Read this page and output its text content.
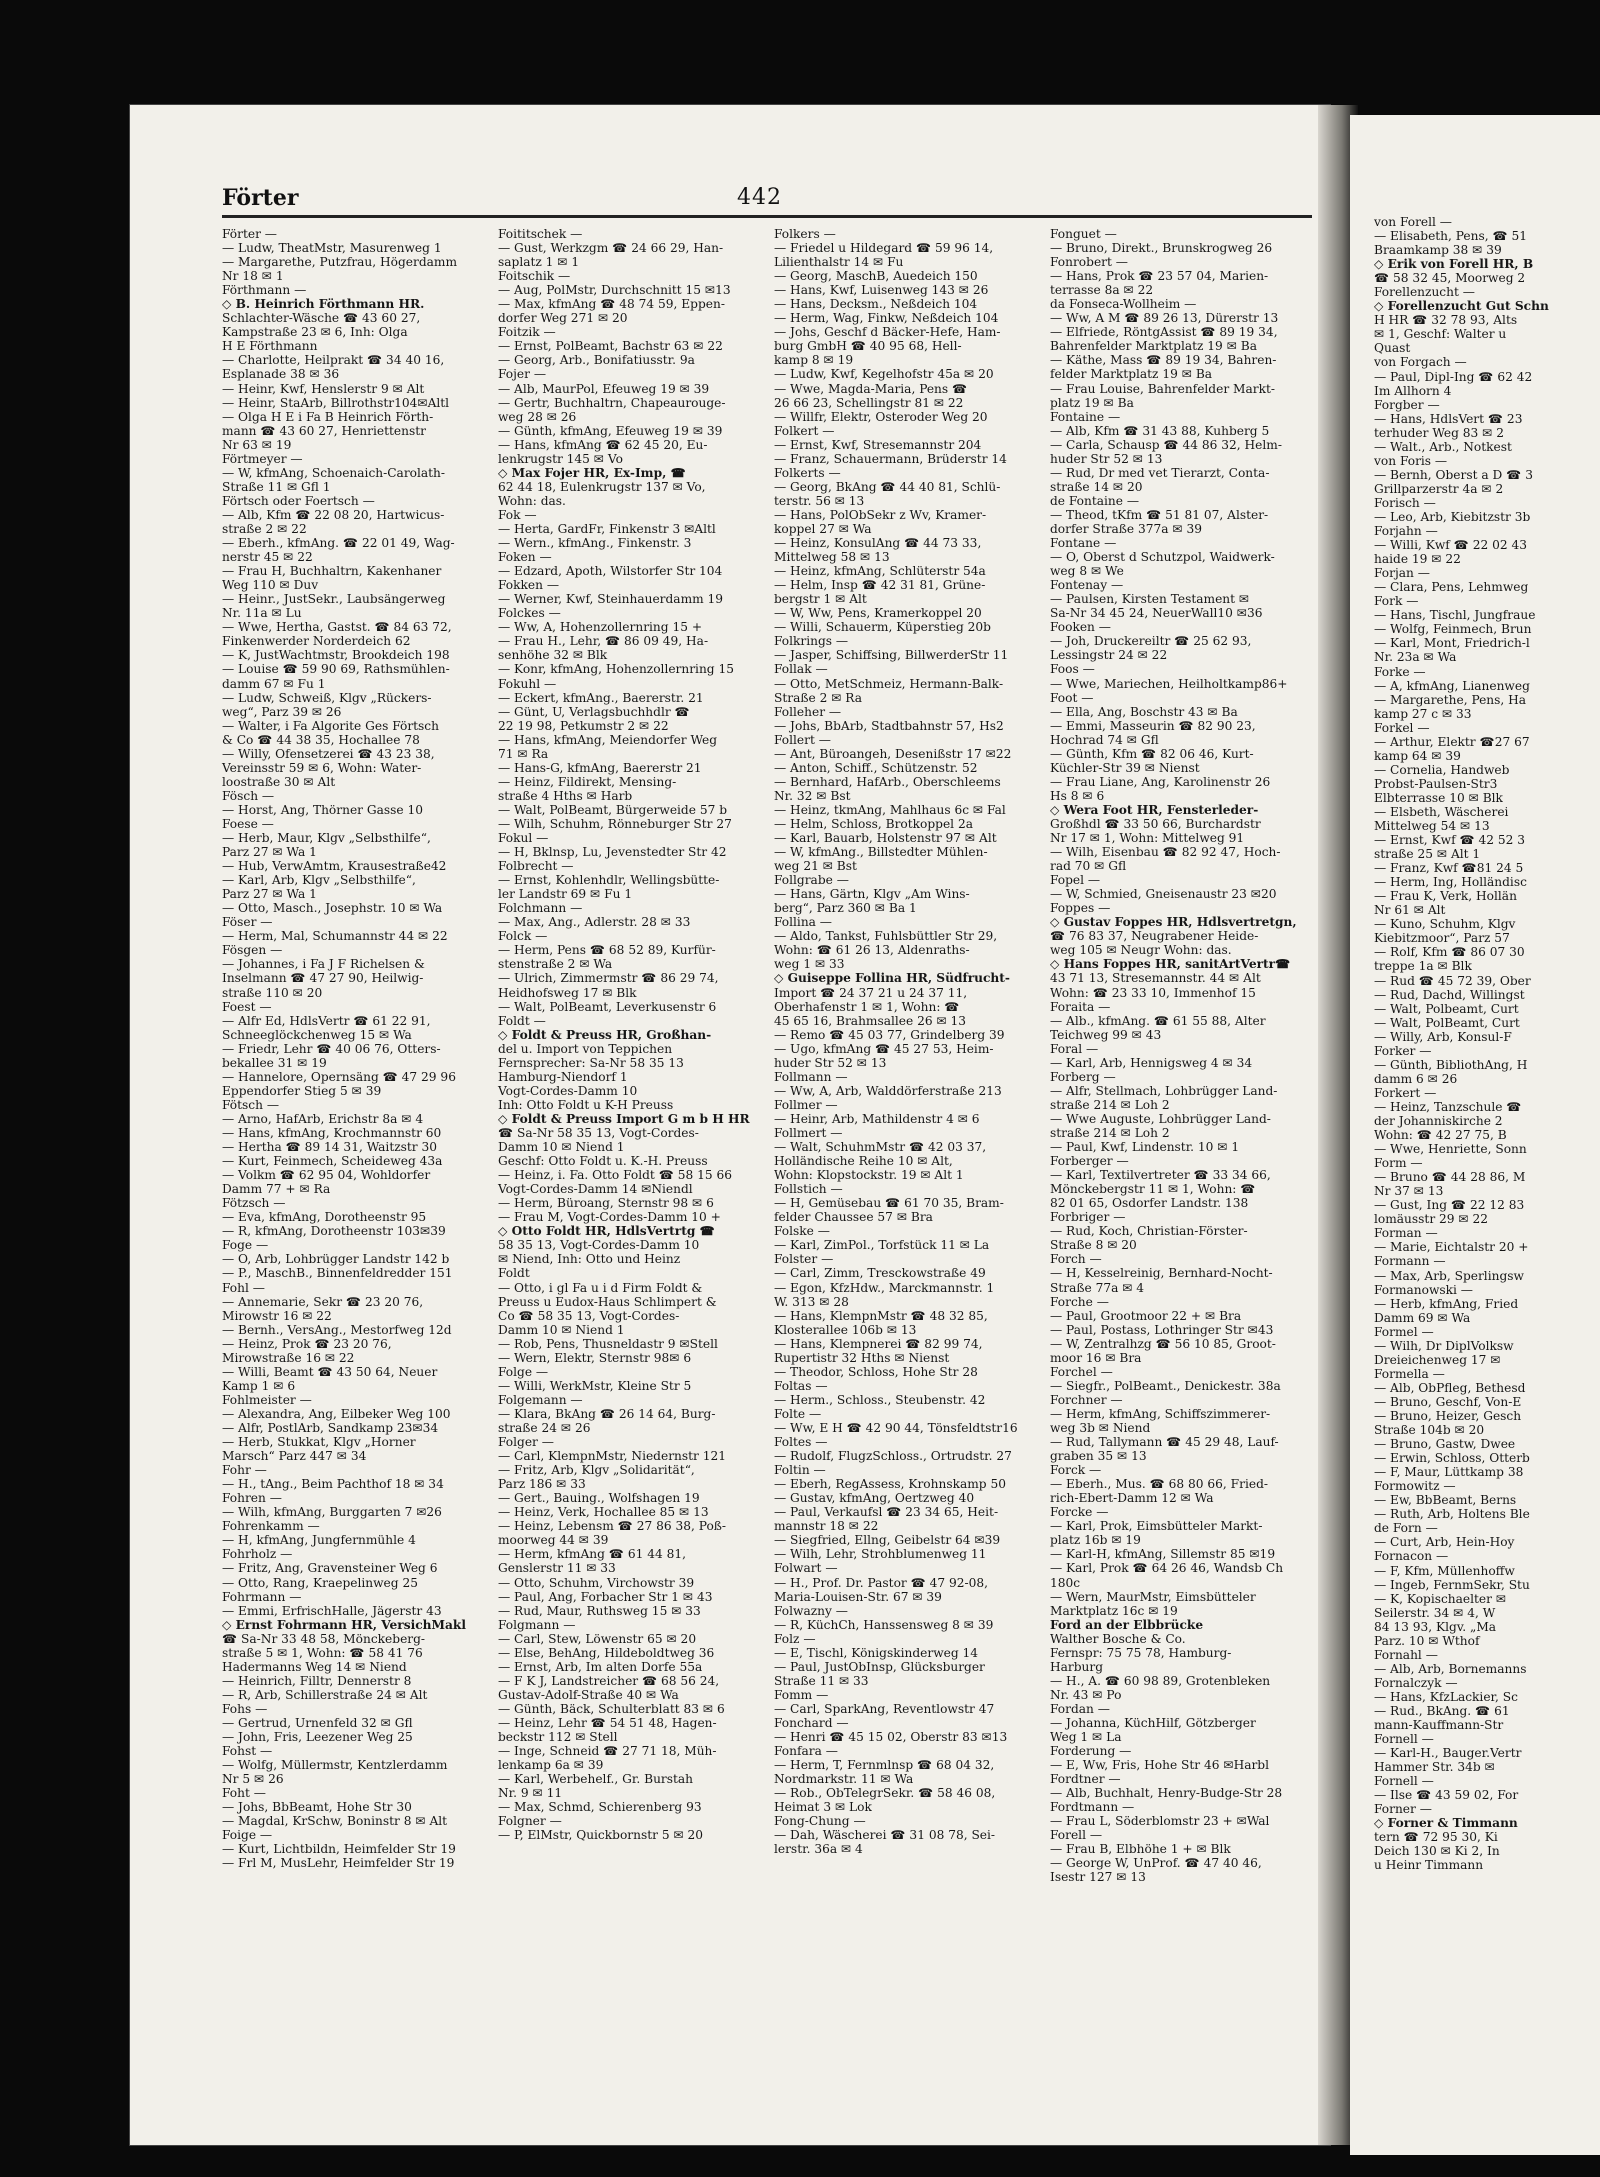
Förter	442
Förter —
— Ludw, TheatMstr, Masurenweg 1
— Margarethe, Putzfrau, Högerdamm
Nr 18 ✉ 1
Förthmann —
◇ B. Heinrich Förthmann HR.
Schlachter-Wäsche ☎ 43 60 27,
Kampstraße 23 ✉ 6, Inh: Olga
H E Förthmann
— Charlotte, Heilprakt ☎ 34 40 16,
Esplanade 38 ✉ 36
— Heinr, Kwf, Henslerstr 9 ✉ Alt
— Heinr, StaArb, Billrothstr104✉Altl
— Olga H E i Fa B Heinrich Förth-
mann ☎ 43 60 27, Henriettenstr
Nr 63 ✉ 19
Förtmeyer —
— W, kfmAng, Schoenaich-Carolath-
Straße 11 ✉ Gfl 1
Förtsch oder Foertsch —
— Alb, Kfm ☎ 22 08 20, Hartwicus-
straße 2 ✉ 22
— Eberh., kfmAng. ☎ 22 01 49, Wag-
nerstr 45 ✉ 22
— Frau H, Buchhaltrn, Kakenhaner
Weg 110 ✉ Duv
— Heinr., JustSekr., Laubsängerweg
Nr. 11a ✉ Lu
— Wwe, Hertha, Gastst. ☎ 84 63 72,
Finkenwerder Norderdeich 62
— K, JustWachtmstr, Brookdeich 198
— Louise ☎ 59 90 69, Rathsmühlen-
damm 67 ✉ Fu 1
— Ludw, Schweiß, Klgv „Rückers-
weg“, Parz 39 ✉ 26
— Walter, i Fa Algorite Ges Förtsch
& Co ☎ 44 38 35, Hochallee 78
— Willy, Ofensetzerei ☎ 43 23 38,
Vereinsstr 59 ✉ 6, Wohn: Water-
loostraße 30 ✉ Alt
Fösch —
— Horst, Ang, Thörner Gasse 10
Foese —
— Herb, Maur, Klgv „Selbsthilfe“,
Parz 27 ✉ Wa 1
— Hub, VerwAmtm, Krausestraße42
— Karl, Arb, Klgv „Selbsthilfe“,
Parz 27 ✉ Wa 1
— Otto, Masch., Josephstr. 10 ✉ Wa
Föser —
— Herm, Mal, Schumannstr 44 ✉ 22
Fösgen —
— Johannes, i Fa J F Richelsen &
Inselmann ☎ 47 27 90, Heilwig-
straße 110 ✉ 20
Foest —
— Alfr Ed, HdlsVertr ☎ 61 22 91,
Schneeglöckchenweg 15 ✉ Wa
— Friedr, Lehr ☎ 40 06 76, Otters-
bekallee 31 ✉ 19
— Hannelore, Opernsäng ☎ 47 29 96
Eppendorfer Stieg 5 ✉ 39
Fötsch —
— Arno, HafArb, Erichstr 8a ✉ 4
— Hans, kfmAng, Krochmannstr 60
— Hertha ☎ 89 14 31, Waitzstr 30
— Kurt, Feinmech, Scheideweg 43a
— Volkm ☎ 62 95 04, Wohldorfer
Damm 77 + ✉ Ra
Fötzsch —
— Eva, kfmAng, Dorotheenstr 95
— R, kfmAng, Dorotheenstr 103✉39
Foge —
— O, Arb, Lohbrügger Landstr 142 b
— P., MaschB., Binnenfeldredder 151
Fohl —
— Annemarie, Sekr ☎ 23 20 76,
Mirowstr 16 ✉ 22
— Bernh., VersAng., Mestorfweg 12d
— Heinz, Prok ☎ 23 20 76,
Mirowstraße 16 ✉ 22
— Willi, Beamt ☎ 43 50 64, Neuer
Kamp 1 ✉ 6
Fohlmeister —
— Alexandra, Ang, Eilbeker Weg 100
— Alfr, PostlArb, Sandkamp 23✉34
— Herb, Stukkat, Klgv „Horner
Marsch“ Parz 447 ✉ 34
Fohr —
— H., tAng., Beim Pachthof 18 ✉ 34
Fohren —
— Wilh, kfmAng, Burggarten 7 ✉26
Fohrenkamm —
— H, kfmAng, Jungfernmühle 4
Fohrholz —
— Fritz, Ang, Gravensteiner Weg 6
— Otto, Rang, Kraepelinweg 25
Fohrmann —
— Emmi, ErfrischHalle, Jägerstr 43
◇ Ernst Fohrmann HR, VersichMakl
☎ Sa-Nr 33 48 58, Mönckeberg-
straße 5 ✉ 1, Wohn: ☎ 58 41 76
Hadermanns Weg 14 ✉ Niend
— Heinrich, Filltr, Dennerstr 8
— R, Arb, Schillerstraße 24 ✉ Alt
Fohs —
— Gertrud, Urnenfeld 32 ✉ Gfl
— John, Fris, Leezener Weg 25
Fohst —
— Wolfg, Müllermstr, Kentzlerdamm
Nr 5 ✉ 26
Foht —
— Johs, BbBeamt, Hohe Str 30
— Magdal, KrSchw, Boninstr 8 ✉ Alt
Foige —
— Kurt, Lichtbildn, Heimfelder Str 19
— Frl M, MusLehr, Heimfelder Str 19
Foititschek —
— Gust, Werkzgm ☎ 24 66 29, Han-
saplatz 1 ✉ 1
Foitschik —
— Aug, PolMstr, Durchschnitt 15 ✉13
— Max, kfmAng ☎ 48 74 59, Eppen-
dorfer Weg 271 ✉ 20
Foitzik —
— Ernst, PolBeamt, Bachstr 63 ✉ 22
— Georg, Arb., Bonifatiusstr. 9a
Fojer —
— Alb, MaurPol, Efeuweg 19 ✉ 39
— Gertr, Buchhaltrn, Chapeaurouge-
weg 28 ✉ 26
— Günth, kfmAng, Efeuweg 19 ✉ 39
— Hans, kfmAng ☎ 62 45 20, Eu-
lenkrugstr 145 ✉ Vo
◇ Max Fojer HR, Ex-Imp, ☎
62 44 18, Eulenkrugstr 137 ✉ Vo,
Wohn: das.
Fok —
— Herta, GardFr, Finkenstr 3 ✉Altl
— Wern., kfmAng., Finkenstr. 3
Foken —
— Edzard, Apoth, Wilstorfer Str 104
Fokken —
— Werner, Kwf, Steinhauerdamm 19
Folckes —
— Ww, A, Hohenzollernring 15 +
— Frau H., Lehr, ☎ 86 09 49, Ha-
senhöhe 32 ✉ Blk
— Konr, kfmAng, Hohenzollernring 15
Fokuhl —
— Eckert, kfmAng., Baererstr. 21
— Günt, U, Verlagsbuchhdlr ☎
22 19 98, Petkumstr 2 ✉ 22
— Hans, kfmAng, Meiendorfer Weg
71 ✉ Ra
— Hans-G, kfmAng, Baererstr 21
— Heinz, Fildirekt, Mensing-
straße 4 Hths ✉ Harb
— Walt, PolBeamt, Bürgerweide 57 b
— Wilh, Schuhm, Rönneburger Str 27
Fokul —
— H, Bklnsp, Lu, Jevenstedter Str 42
Folbrecht —
— Ernst, Kohlenhdlr, Wellingsbütte-
ler Landstr 69 ✉ Fu 1
Folchmann —
— Max, Ang., Adlerstr. 28 ✉ 33
Folck —
— Herm, Pens ☎ 68 52 89, Kurfür-
stenstraße 2 ✉ Wa
— Ulrich, Zimmermstr ☎ 86 29 74,
Heidhofsweg 17 ✉ Blk
— Walt, PolBeamt, Leverkusenstr 6
Foldt —
◇ Foldt & Preuss HR, Großhan-
del u. Import von Teppichen
Fernsprecher: Sa-Nr 58 35 13
Hamburg-Niendorf 1
Vogt-Cordes-Damm 10
Inh: Otto Foldt u K-H Preuss
◇ Foldt & Preuss Import G m b H HR
☎ Sa-Nr 58 35 13, Vogt-Cordes-
Damm 10 ✉ Niend 1
Geschf: Otto Foldt u. K.-H. Preuss
— Heinz, i. Fa. Otto Foldt ☎ 58 15 66
Vogt-Cordes-Damm 14 ✉Niendl
— Herm, Büroang, Sternstr 98 ✉ 6
— Frau M, Vogt-Cordes-Damm 10 +
◇ Otto Foldt HR, HdlsVertrtg ☎
58 35 13, Vogt-Cordes-Damm 10
✉ Niend, Inh: Otto und Heinz
Foldt
— Otto, i gl Fa u i d Firm Foldt &
Preuss u Eudox-Haus Schlimpert &
Co ☎ 58 35 13, Vogt-Cordes-
Damm 10 ✉ Niend 1
— Rob, Pens, Thusneldastr 9 ✉Stell
— Wern, Elektr, Sternstr 98✉ 6
Folge —
— Willi, WerkMstr, Kleine Str 5
Folgemann —
— Klara, BkAng ☎ 26 14 64, Burg-
straße 24 ✉ 26
Folger —
— Carl, KlempnMstr, Niedernstr 121
— Fritz, Arb, Klgv „Solidarität“,
Parz 186 ✉ 33
— Gert., Bauing., Wolfshagen 19
— Heinz, Verk, Hochallee 85 ✉ 13
— Heinz, Lebensm ☎ 27 86 38, Poß-
moorweg 44 ✉ 39
— Herm, kfmAng ☎ 61 44 81,
Genslerstr 11 ✉ 33
— Otto, Schuhm, Virchowstr 39
— Paul, Ang, Forbacher Str 1 ✉ 43
— Rud, Maur, Ruthsweg 15 ✉ 33
Folgmann —
— Carl, Stew, Löwenstr 65 ✉ 20
— Else, BehAng, Hildeboldtweg 36
— Ernst, Arb, Im alten Dorfe 55a
— F K J, Landstreicher ☎ 68 56 24,
Gustav-Adolf-Straße 40 ✉ Wa
— Günth, Bäck, Schulterblatt 83 ✉ 6
— Heinz, Lehr ☎ 54 51 48, Hagen-
beckstr 112 ✉ Stell
— Inge, Schneid ☎ 27 71 18, Müh-
lenkamp 6a ✉ 39
— Karl, Werbehelf., Gr. Burstah
Nr. 9 ✉ 11
— Max, Schmd, Schierenberg 93
Folgner —
— P, ElMstr, Quickbornstr 5 ✉ 20
Folkers —
— Friedel u Hildegard ☎ 59 96 14,
Lilienthalstr 14 ✉ Fu
— Georg, MaschB, Auedeich 150
— Hans, Kwf, Luisenweg 143 ✉ 26
— Hans, Decksm., Neßdeich 104
— Herm, Wag, Finkw, Neßdeich 104
— Johs, Geschf d Bäcker-Hefe, Ham-
burg GmbH ☎ 40 95 68, Hell-
kamp 8 ✉ 19
— Ludw, Kwf, Kegelhofstr 45a ✉ 20
— Wwe, Magda-Maria, Pens ☎
26 66 23, Schellingstr 81 ✉ 22
— Willfr, Elektr, Osteroder Weg 20
Folkert —
— Ernst, Kwf, Stresemannstr 204
— Franz, Schauermann, Brüderstr 14
Folkerts —
— Georg, BkAng ☎ 44 40 81, Schlü-
terstr. 56 ✉ 13
— Hans, PolObSekr z Wv, Kramer-
koppel 27 ✉ Wa
— Heinz, KonsulAng ☎ 44 73 33,
Mittelweg 58 ✉ 13
— Heinz, kfmAng, Schlüterstr 54a
— Helm, Insp ☎ 42 31 81, Grüne-
bergstr 1 ✉ Alt
— W, Ww, Pens, Kramerkoppel 20
— Willi, Schauerm, Küperstieg 20b
Folkrings —
— Jasper, Schiffsing, BillwerderStr 11
Follak —
— Otto, MetSchmeiz, Hermann-Balk-
Straße 2 ✉ Ra
Folleher —
— Johs, BbArb, Stadtbahnstr 57, Hs2
Follert —
— Ant, Büroangeh, Desenißstr 17 ✉22
— Anton, Schiff., Schützenstr. 52
— Bernhard, HafArb., Oberschleems
Nr. 32 ✉ Bst
— Heinz, tkmAng, Mahlhaus 6c ✉ Fal
— Helm, Schloss, Brotkoppel 2a
— Karl, Bauarb, Holstenstr 97 ✉ Alt
— W, kfmAng., Billstedter Mühlen-
weg 21 ✉ Bst
Follgrabe —
— Hans, Gärtn, Klgv „Am Wins-
berg“, Parz 360 ✉ Ba 1
Follina —
— Aldo, Tankst, Fuhlsbüttler Str 29,
Wohn: ☎ 61 26 13, Aldenraths-
weg 1 ✉ 33
◇ Guiseppe Follina HR, Südfrucht-
Import ☎ 24 37 21 u 24 37 11,
Oberhafenstr 1 ✉ 1, Wohn: ☎
45 65 16, Brahmsallee 26 ✉ 13
— Remo ☎ 45 03 77, Grindelberg 39
— Ugo, kfmAng ☎ 45 27 53, Heim-
huder Str 52 ✉ 13
Follmann —
— Ww, A, Arb, Walddörferstraße 213
Follmer —
— Heinr, Arb, Mathildenstr 4 ✉ 6
Follmert —
— Walt, SchuhmMstr ☎ 42 03 37,
Holländische Reihe 10 ✉ Alt,
Wohn: Klopstockstr. 19 ✉ Alt 1
Follstich —
— H, Gemüsebau ☎ 61 70 35, Bram-
felder Chaussee 57 ✉ Bra
Folske —
— Karl, ZimPol., Torfstück 11 ✉ La
Folster —
— Carl, Zimm, Tresckowstraße 49
— Egon, KfzHdw., Marckmannstr. 1
W. 313 ✉ 28
— Hans, KlempnMstr ☎ 48 32 85,
Klosterallee 106b ✉ 13
— Hans, Klempnerei ☎ 82 99 74,
Rupertistr 32 Hths ✉ Nienst
— Theodor, Schloss, Hohe Str 28
Foltas —
— Herm., Schloss., Steubenstr. 42
Folte —
— Ww, E H ☎ 42 90 44, Tönsfeldtstr16
Foltes —
— Rudolf, FlugzSchloss., Ortrudstr. 27
Foltin —
— Eberh, RegAssess, Krohnskamp 50
— Gustav, kfmAng, Oertzweg 40
— Paul, Verkaufsl ☎ 23 34 65, Heit-
mannstr 18 ✉ 22
— Siegfried, Ellng, Geibelstr 64 ✉39
— Wilh, Lehr, Strohblumenweg 11
Folwart —
— H., Prof. Dr. Pastor ☎ 47 92-08,
Maria-Louisen-Str. 67 ✉ 39
Folwazny —
— R, KüchCh, Hanssensweg 8 ✉ 39
Folz —
— E, Tischl, Königskinderweg 14
— Paul, JustObInsp, Glücksburger
Straße 11 ✉ 33
Fomm —
— Carl, SparkAng, Reventlowstr 47
Fonchard —
— Henri ☎ 45 15 02, Oberstr 83 ✉13
Fonfara —
— Herm, T, Fernmlnsp ☎ 68 04 32,
Nordmarkstr. 11 ✉ Wa
— Rob., ObTelegrSekr. ☎ 58 46 08,
Heimat 3 ✉ Lok
Fong-Chung —
— Dah, Wäscherei ☎ 31 08 78, Sei-
lerstr. 36a ✉ 4
Fonguet —
— Bruno, Direkt., Brunskrogweg 26
Fonrobert —
— Hans, Prok ☎ 23 57 04, Marien-
terrasse 8a ✉ 22
da Fonseca-Wollheim —
— Ww, A M ☎ 89 26 13, Dürerstr 13
— Elfriede, RöntgAssist ☎ 89 19 34,
Bahrenfelder Marktplatz 19 ✉ Ba
— Käthe, Mass ☎ 89 19 34, Bahren-
felder Marktplatz 19 ✉ Ba
— Frau Louise, Bahrenfelder Markt-
platz 19 ✉ Ba
Fontaine —
— Alb, Kfm ☎ 31 43 88, Kuhberg 5
— Carla, Schausp ☎ 44 86 32, Helm-
huder Str 52 ✉ 13
— Rud, Dr med vet Tierarzt, Conta-
straße 14 ✉ 20
de Fontaine —
— Theod, tKfm ☎ 51 81 07, Alster-
dorfer Straße 377a ✉ 39
Fontane —
— O, Oberst d Schutzpol, Waidwerk-
weg 8 ✉ We
Fontenay —
— Paulsen, Kirsten Testament ✉
Sa-Nr 34 45 24, NeuerWall10 ✉36
Fooken —
— Joh, Druckereiltr ☎ 25 62 93,
Lessingstr 24 ✉ 22
Foos —
— Wwe, Mariechen, Heilholtkamp86+
Foot —
— Ella, Ang, Boschstr 43 ✉ Ba
— Emmi, Masseurin ☎ 82 90 23,
Hochrad 74 ✉ Gfl
— Günth, Kfm ☎ 82 06 46, Kurt-
Küchler-Str 39 ✉ Nienst
— Frau Liane, Ang, Karolinenstr 26
Hs 8 ✉ 6
◇ Wera Foot HR, Fensterleder-
Großhdl ☎ 33 50 66, Burchardstr
Nr 17 ✉ 1, Wohn: Mittelweg 91
— Wilh, Eisenbau ☎ 82 92 47, Hoch-
rad 70 ✉ Gfl
Fopel —
— W, Schmied, Gneisenaustr 23 ✉20
Foppes —
◇ Gustav Foppes HR, Hdlsvertretgn,
☎ 76 83 37, Neugrabener Heide-
weg 105 ✉ Neugr Wohn: das.
◇ Hans Foppes HR, sanitArtVertr☎
43 71 13, Stresemannstr. 44 ✉ Alt
Wohn: ☎ 23 33 10, Immenhof 15
Foraita —
— Alb., kfmAng. ☎ 61 55 88, Alter
Teichweg 99 ✉ 43
Foral —
— Karl, Arb, Hennigsweg 4 ✉ 34
Forberg —
— Alfr, Stellmach, Lohbrügger Land-
straße 214 ✉ Loh 2
— Wwe Auguste, Lohbrügger Land-
straße 214 ✉ Loh 2
— Paul, Kwf, Lindenstr. 10 ✉ 1
Forberger —
— Karl, Textilvertreter ☎ 33 34 66,
Mönckebergstr 11 ✉ 1, Wohn: ☎
82 01 65, Osdorfer Landstr. 138
Forbriger —
— Rud, Koch, Christian-Förster-
Straße 8 ✉ 20
Forch —
— H, Kesselreinig, Bernhard-Nocht-
Straße 77a ✉ 4
Forche —
— Paul, Grootmoor 22 + ✉ Bra
— Paul, Postass, Lothringer Str ✉43
— W, Zentralhzg ☎ 56 10 85, Groot-
moor 16 ✉ Bra
Forchel —
— Siegfr., PolBeamt., Denickestr. 38a
Forchner —
— Herm, kfmAng, Schiffszimmerer-
weg 3b ✉ Niend
— Rud, Tallymann ☎ 45 29 48, Lauf-
graben 35 ✉ 13
Forck —
— Eberh., Mus. ☎ 68 80 66, Fried-
rich-Ebert-Damm 12 ✉ Wa
Forcke —
— Karl, Prok, Eimsbütteler Markt-
platz 16b ✉ 19
— Karl-H, kfmAng, Sillemstr 85 ✉19
— Karl, Prok ☎ 64 26 46, Wandsb Ch 180c
— Wern, MaurMstr, Eimsbütteler
Marktplatz 16c ✉ 19
Ford an der Elbbrücke
Walther Bosche & Co.
Fernspr: 75 75 78, Hamburg-
Harburg
— H., A. ☎ 60 98 89, Grotenbleken
Nr. 43 ✉ Po
Fordan —
— Johanna, KüchHilf, Götzberger
Weg 1 ✉ La
Forderung —
— E, Ww, Fris, Hohe Str 46 ✉Harbl
Fordtner —
— Alb, Buchhalt, Henry-Budge-Str 28
Fordtmann —
— Frau L, Söderblomstr 23 + ✉Wal
Forell —
— Frau B, Elbhöhe 1 + ✉ Blk
— George W, UnProf. ☎ 47 40 46,
Isestr 127 ✉ 13
von Forell —
— Elisabeth, Pens, ☎ 51
Braamkamp 38 ✉ 39
◇ Erik von Forell HR, B
☎ 58 32 45, Moorweg 2
Forellenzucht —
◇ Forellenzucht Gut Schn
H HR ☎ 32 78 93, Alts
✉ 1, Geschf: Walter u
Quast
von Forgach —
— Paul, Dipl-Ing ☎ 62 42
Im Allhorn 4
Forgber —
— Hans, HdlsVert ☎ 23
terhuder Weg 83 ✉ 2
— Walt., Arb., Notkest
von Foris —
— Bernh, Oberst a D ☎ 3
Grillparzerstr 4a ✉ 2
Forisch —
— Leo, Arb, Kiebitzstr 3b
Forjahn —
— Willi, Kwf ☎ 22 02 43
haide 19 ✉ 22
Forjan —
— Clara, Pens, Lehmweg
Fork —
— Hans, Tischl, Jungfraue
— Wolfg, Feinmech, Brun
— Karl, Mont, Friedrich-l
Nr. 23a ✉ Wa
Forke —
— A, kfmAng, Lianenweg
— Margarethe, Pens, Ha
kamp 27 c ✉ 33
Forkel —
— Arthur, Elektr ☎27 67
kamp 64 ✉ 39
— Cornelia, Handweb
Probst-Paulsen-Str3
Elbterrasse 10 ✉ Blk
— Elsbeth, Wäscherei
Mittelweg 54 ✉ 13
— Ernst, Kwf ☎ 42 52 3
straße 25 ✉ Alt 1
— Franz, Kwf ☎81 24 5
— Herm, Ing, Holländisc
— Frau K, Verk, Hollän
Nr 61 ✉ Alt
— Kuno, Schuhm, Klgv
Kiebitzmoor“, Parz 57
— Rolf, Kfm ☎ 86 07 30
treppe 1a ✉ Blk
— Rud ☎ 45 72 39, Ober
— Rud, Dachd, Willingst
— Walt, Polbeamt, Curt
— Walt, PolBeamt, Curt
— Willy, Arb, Konsul-F
Forker —
— Günth, BibliothAng, H
damm 6 ✉ 26
Forkert —
— Heinz, Tanzschule ☎
der Johanniskirche 2
Wohn: ☎ 42 27 75, B
— Wwe, Henriette, Sonn
Form —
— Bruno ☎ 44 28 86, M
Nr 37 ✉ 13
— Gust, Ing ☎ 22 12 83
lomäusstr 29 ✉ 22
Forman —
— Marie, Eichtalstr 20 +
Formann —
— Max, Arb, Sperlingsw
Formanowski —
— Herb, kfmAng, Fried
Damm 69 ✉ Wa
Formel —
— Wilh, Dr DiplVolksw
Dreieichenweg 17 ✉
Formella —
— Alb, ObPfleg, Bethesd
— Bruno, Geschf, Von-E
— Bruno, Heizer, Gesch
Straße 104b ✉ 20
— Bruno, Gastw, Dwee
— Erwin, Schloss, Otterb
— F, Maur, Lüttkamp 38
Formowitz —
— Ew, BbBeamt, Berns
— Ruth, Arb, Holtens Ble
de Forn —
— Curt, Arb, Hein-Hoy
Fornacon —
— F, Kfm, Müllenhoffw
— Ingeb, FernmSekr, Stu
— K, Kopischaelter ✉
Seilerstr. 34 ✉ 4, W
84 13 93, Klgv. „Ma
Parz. 10 ✉ Wthof
Fornahl —
— Alb, Arb, Bornemanns
Fornalczyk —
— Hans, KfzLackier, Sc
— Rud., BkAng. ☎ 61
mann-Kauffmann-Str
Fornell —
— Karl-H., Bauger.Vertr
Hammer Str. 34b ✉
Fornell —
— Ilse ☎ 43 59 02, For
Forner —
◇ Forner & Timmann
tern ☎ 72 95 30, Ki
Deich 130 ✉ Ki 2, In
u Heinr Timmann
